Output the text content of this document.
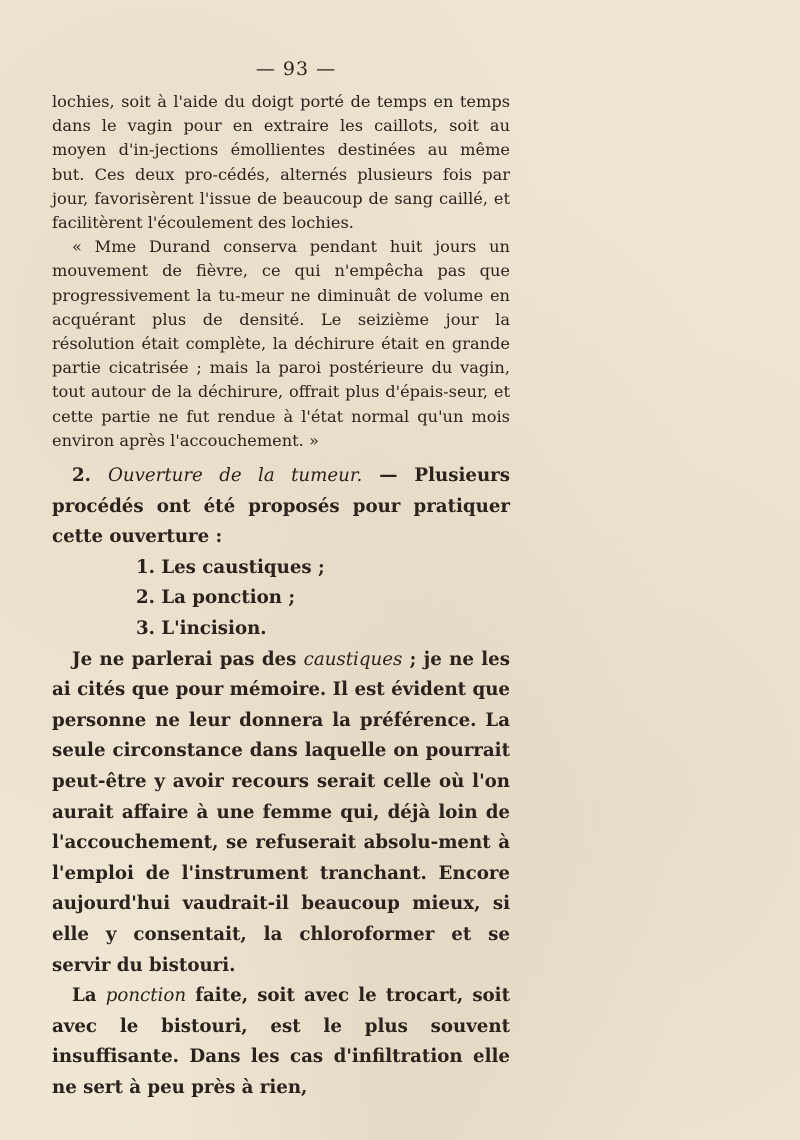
— 93 —

lochies, soit à l'aide du doigt porté de temps en temps dans le vagin pour en extraire les caillots, soit au moyen d'in-jections émollientes destinées au même but. Ces deux pro-cédés, alternés plusieurs fois par jour, favorisèrent l'issue de beaucoup de sang caillé, et facilitèrent l'écoulement des lochies.

« Mme Durand conserva pendant huit jours un mouvement de fièvre, ce qui n'empêcha pas que progressivement la tu-meur ne diminuât de volume en acquérant plus de densité. Le seizième jour la résolution était complète, la déchirure était en grande partie cicatrisée ; mais la paroi postérieure du vagin, tout autour de la déchirure, offrait plus d'épais-seur, et cette partie ne fut rendue à l'état normal qu'un mois environ après l'accouchement. »

2. Ouverture de la tumeur. — Plusieurs procédés ont été proposés pour pratiquer cette ouverture :

1. Les caustiques ;
2. La ponction ;
3. L'incision.

Je ne parlerai pas des caustiques ; je ne les ai cités que pour mémoire. Il est évident que personne ne leur donnera la préférence. La seule circonstance dans laquelle on pourrait peut-être y avoir recours serait celle où l'on aurait affaire à une femme qui, déjà loin de l'accouchement, se refuserait absolu-ment à l'emploi de l'instrument tranchant. Encore aujourd'hui vaudrait-il beaucoup mieux, si elle y consentait, la chloroformer et se servir du bistouri.

La ponction faite, soit avec le trocart, soit avec le bistouri, est le plus souvent insuffisante. Dans les cas d'infiltration elle ne sert à peu près à rien,
